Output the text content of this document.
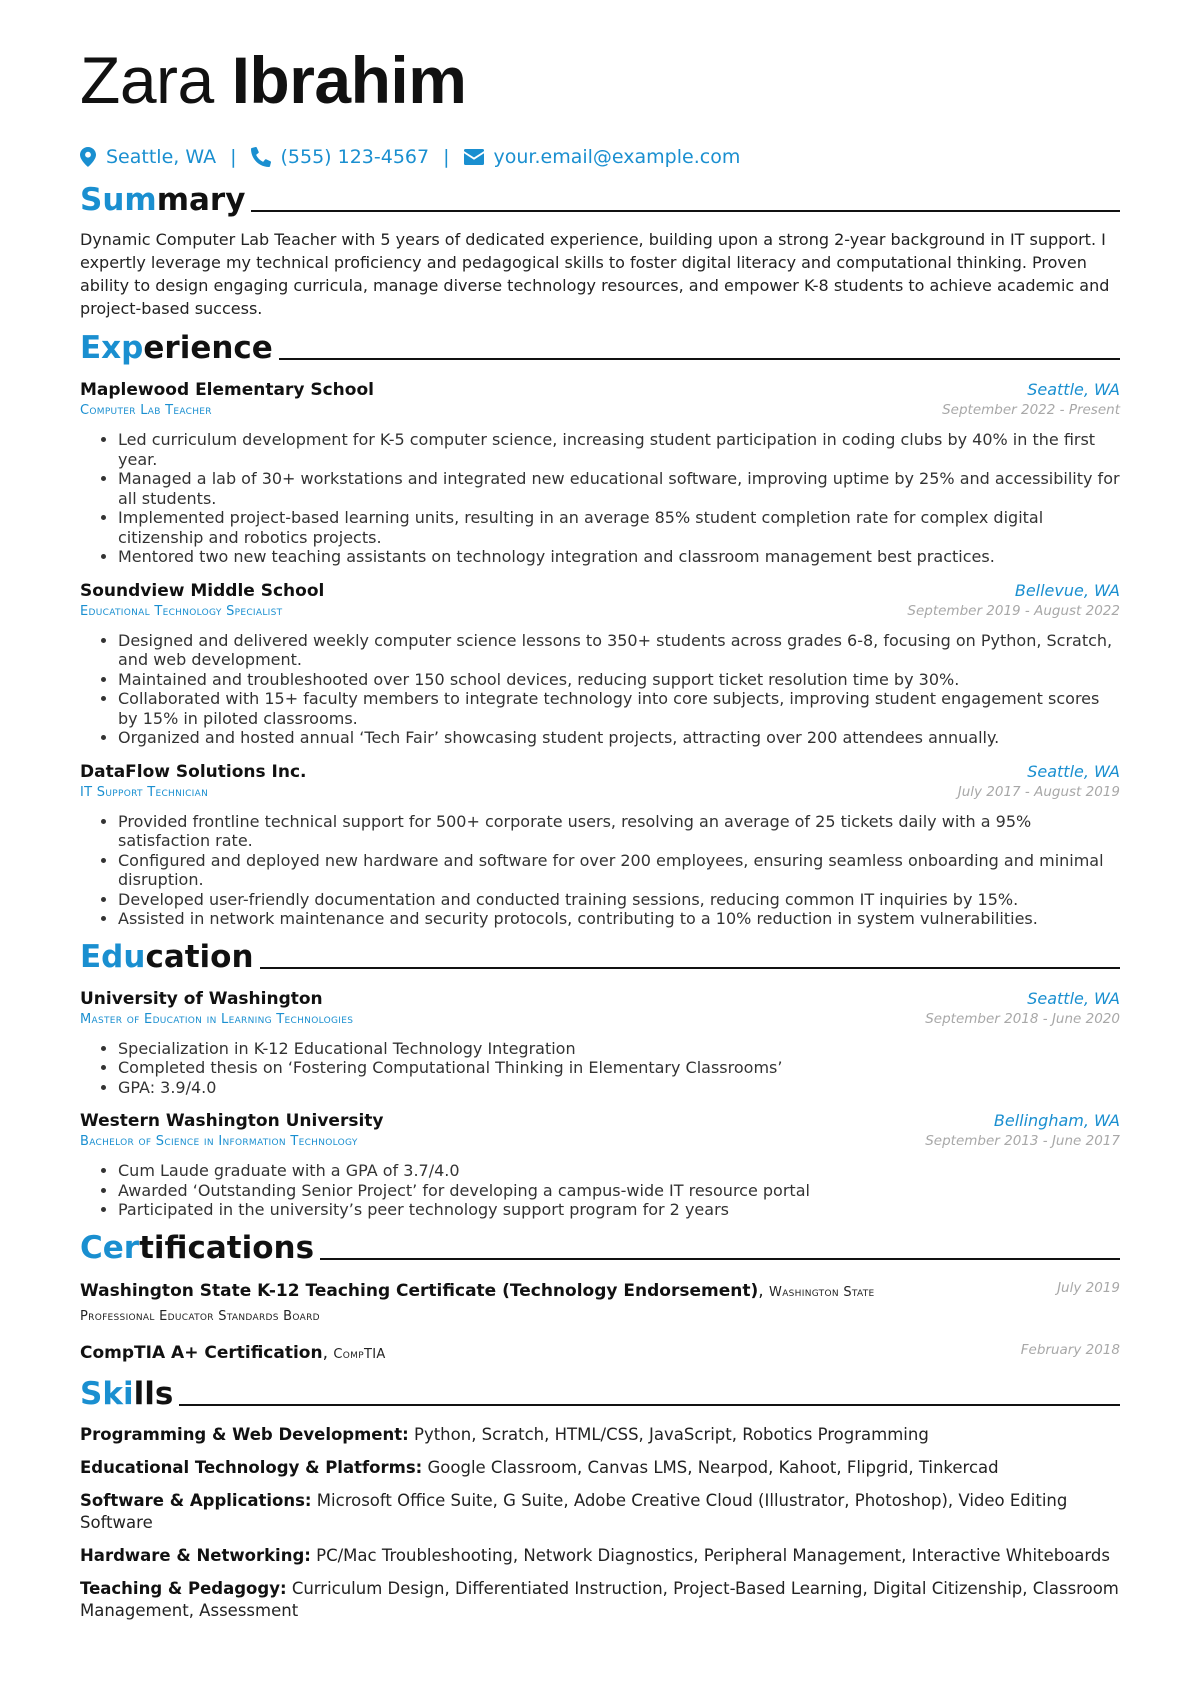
Zara Ibrahim
Seattle, WA | (555) 123-4567 | your.email@example.com
Summary
Dynamic Computer Lab Teacher with 5 years of dedicated experience, building upon a strong 2-year background in IT support. I expertly leverage my technical proficiency and pedagogical skills to foster digital literacy and computational thinking. Proven ability to design engaging curricula, manage diverse technology resources, and empower K-8 students to achieve academic and project-based success.
Experience
Maplewood Elementary School	Seattle, WA
Computer Lab Teacher	September 2022 - Present
• Led curriculum development for K-5 computer science, increasing student participation in coding clubs by 40% in the first year.
• Managed a lab of 30+ workstations and integrated new educational software, improving uptime by 25% and accessibility for all students.
• Implemented project-based learning units, resulting in an average 85% student completion rate for complex digital citizenship and robotics projects.
• Mentored two new teaching assistants on technology integration and classroom management best practices.
Soundview Middle School	Bellevue, WA
Educational Technology Specialist	September 2019 - August 2022
• Designed and delivered weekly computer science lessons to 350+ students across grades 6-8, focusing on Python, Scratch, and web development.
• Maintained and troubleshooted over 150 school devices, reducing support ticket resolution time by 30%.
• Collaborated with 15+ faculty members to integrate technology into core subjects, improving student engagement scores by 15% in piloted classrooms.
• Organized and hosted annual ‘Tech Fair’ showcasing student projects, attracting over 200 attendees annually.
DataFlow Solutions Inc.	Seattle, WA
IT Support Technician	July 2017 - August 2019
• Provided frontline technical support for 500+ corporate users, resolving an average of 25 tickets daily with a 95% satisfaction rate.
• Configured and deployed new hardware and software for over 200 employees, ensuring seamless onboarding and minimal disruption.
• Developed user-friendly documentation and conducted training sessions, reducing common IT inquiries by 15%.
• Assisted in network maintenance and security protocols, contributing to a 10% reduction in system vulnerabilities.
Education
University of Washington	Seattle, WA
Master of Education in Learning Technologies	September 2018 - June 2020
• Specialization in K-12 Educational Technology Integration
• Completed thesis on ‘Fostering Computational Thinking in Elementary Classrooms’
• GPA: 3.9/4.0
Western Washington University	Bellingham, WA
Bachelor of Science in Information Technology	September 2013 - June 2017
• Cum Laude graduate with a GPA of 3.7/4.0
• Awarded ‘Outstanding Senior Project’ for developing a campus-wide IT resource portal
• Participated in the university’s peer technology support program for 2 years
Certifications
Washington State K-12 Teaching Certificate (Technology Endorsement), Washington State Professional Educator Standards Board
July 2019
CompTIA A+ Certification, CompTIA	February 2018
Skills
Programming & Web Development: Python, Scratch, HTML/CSS, JavaScript, Robotics Programming
Educational Technology & Platforms: Google Classroom, Canvas LMS, Nearpod, Kahoot, Flipgrid, Tinkercad
Software & Applications: Microsoft Office Suite, G Suite, Adobe Creative Cloud (Illustrator, Photoshop), Video Editing Software
Hardware & Networking: PC/Mac Troubleshooting, Network Diagnostics, Peripheral Management, Interactive Whiteboards
Teaching & Pedagogy: Curriculum Design, Differentiated Instruction, Project-Based Learning, Digital Citizenship, Classroom Management, Assessment
